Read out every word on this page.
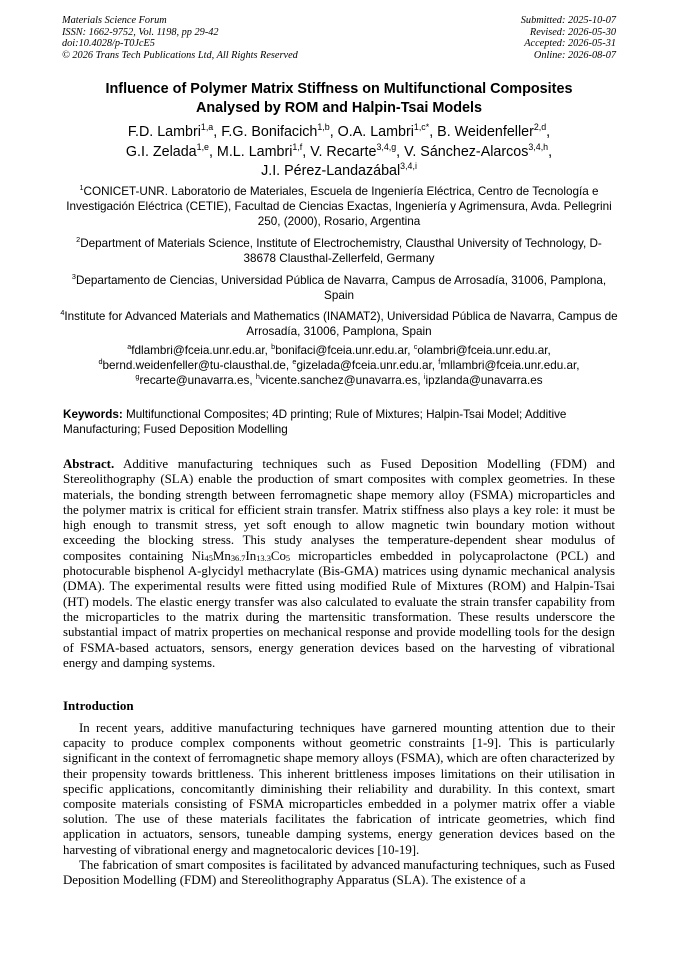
Materials Science Forum
ISSN: 1662-9752, Vol. 1198, pp 29-42
doi:10.4028/p-T0JcE5
© 2026 Trans Tech Publications Ltd, All Rights Reserved
Submitted: 2025-10-07
Revised: 2026-05-30
Accepted: 2026-05-31
Online: 2026-08-07
Influence of Polymer Matrix Stiffness on Multifunctional Composites
Analysed by ROM and Halpin-Tsai Models
F.D. Lambri$^{1,a}$, F.G. Bonifacich$^{1,b}$, O.A. Lambri$^{1,c*}$, B. Weidenfeller$^{2,d}$,
G.I. Zelada$^{1,e}$, M.L. Lambri$^{1,f}$, V. Recarte$^{3,4,g}$, V. Sánchez-Alarcos$^{3,4,h}$,
J.I. Pérez-Landazábal$^{3,4,i}$
$^1$CONICET-UNR. Laboratorio de Materiales, Escuela de Ingeniería Eléctrica, Centro de Tecnología e Investigación Eléctrica (CETIE), Facultad de Ciencias Exactas, Ingeniería y Agrimensura, Avda. Pellegrini 250, (2000), Rosario, Argentina
$^2$Department of Materials Science, Institute of Electrochemistry, Clausthal University of Technology, D-38678 Clausthal-Zellerfeld, Germany
$^3$Departamento de Ciencias, Universidad Pública de Navarra, Campus de Arrosadía, 31006, Pamplona, Spain
$^4$Institute for Advanced Materials and Mathematics (INAMAT2), Universidad Pública de Navarra, Campus de Arrosadía, 31006, Pamplona, Spain
$^a$fdlambri@fceia.unr.edu.ar, $^b$bonifaci@fceia.unr.edu.ar, $^c$olambri@fceia.unr.edu.ar,
$^d$bernd.weidenfeller@tu-clausthal.de, $^e$gizelada@fceia.unr.edu.ar, $^f$mllambri@fceia.unr.edu.ar,
$^g$recarte@unavarra.es, $^h$vicente.sanchez@unavarra.es, $^i$ipzlanda@unavarra.es
Keywords: Multifunctional Composites; 4D printing; Rule of Mixtures; Halpin-Tsai Model; Additive Manufacturing; Fused Deposition Modelling
Abstract. Additive manufacturing techniques such as Fused Deposition Modelling (FDM) and Stereolithography (SLA) enable the production of smart composites with complex geometries. In these materials, the bonding strength between ferromagnetic shape memory alloy (FSMA) microparticles and the polymer matrix is critical for efficient strain transfer. Matrix stiffness also plays a key role: it must be high enough to transmit stress, yet soft enough to allow magnetic twin boundary motion without exceeding the blocking stress. This study analyses the temperature-dependent shear modulus of composites containing $Ni_{45}Mn_{36.7}In_{13.3}Co_5$ microparticles embedded in polycaprolactone (PCL) and photocurable bisphenol A-glycidyl methacrylate (Bis-GMA) matrices using dynamic mechanical analysis (DMA). The experimental results were fitted using modified Rule of Mixtures (ROM) and Halpin-Tsai (HT) models. The elastic energy transfer was also calculated to evaluate the strain transfer capability from the microparticles to the matrix during the martensitic transformation. These results underscore the substantial impact of matrix properties on mechanical response and provide modelling tools for the design of FSMA-based actuators, sensors, energy generation devices based on the harvesting of vibrational energy and damping systems.
Introduction

In recent years, additive manufacturing techniques have garnered mounting attention due to their capacity to produce complex components without geometric constraints [1-9]. This is particularly significant in the context of ferromagnetic shape memory alloys (FSMA), which are often characterized by their propensity towards brittleness. This inherent brittleness imposes limitations on their utilisation in specific applications, concomitantly diminishing their reliability and durability. In this context, smart composite materials consisting of FSMA microparticles embedded in a polymer matrix offer a viable solution. The use of these materials facilitates the fabrication of intricate geometries, which find application in actuators, sensors, tuneable damping systems, energy generation devices based on the harvesting of vibrational energy and magnetocaloric devices [10-19].

The fabrication of smart composites is facilitated by advanced manufacturing techniques, such as Fused Deposition Modelling (FDM) and Stereolithography Apparatus (SLA). The existence of a
